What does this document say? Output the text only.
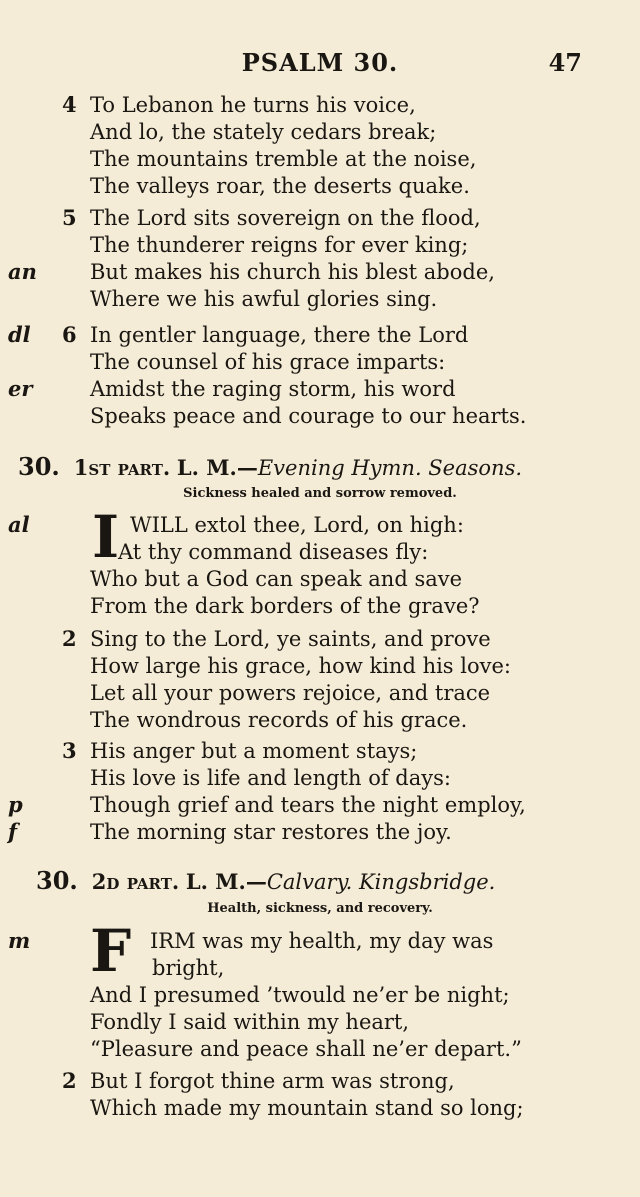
PSALM 30.	47
4 To Lebanon he turns his voice,
And lo, the stately cedars break;
The mountains tremble at the noise,
The valleys roar, the deserts quake.
5 The Lord sits sovereign on the flood,
The thunderer reigns for ever king;
an	But makes his church his blest abode,
Where we his awful glories sing.
dl 6 In gentler language, there the Lord
The counsel of his grace imparts:
er	Amidst the raging storm, his word
Speaks peace and courage to our hearts.
30. 1st part. L. M.—Evening Hymn. Seasons.
Sickness healed and sorrow removed.
al I WILL extol thee, Lord, on high:
At thy command diseases fly:
Who but a God can speak and save
From the dark borders of the grave?
2 Sing to the Lord, ye saints, and prove
How large his grace, how kind his love:
Let all your powers rejoice, and trace
The wondrous records of his grace.
3 His anger but a moment stays;
His love is life and length of days:
p	Though grief and tears the night employ,
f	The morning star restores the joy.
30. 2d part. L. M.—Calvary. Kingsbridge.
Health, sickness, and recovery.
m F IRM was my health, my day was
bright,
And I presumed ’twould ne’er be night;
Fondly I said within my heart,
“Pleasure and peace shall ne’er depart.”
2 But I forgot thine arm was strong,
Which made my mountain stand so long;
